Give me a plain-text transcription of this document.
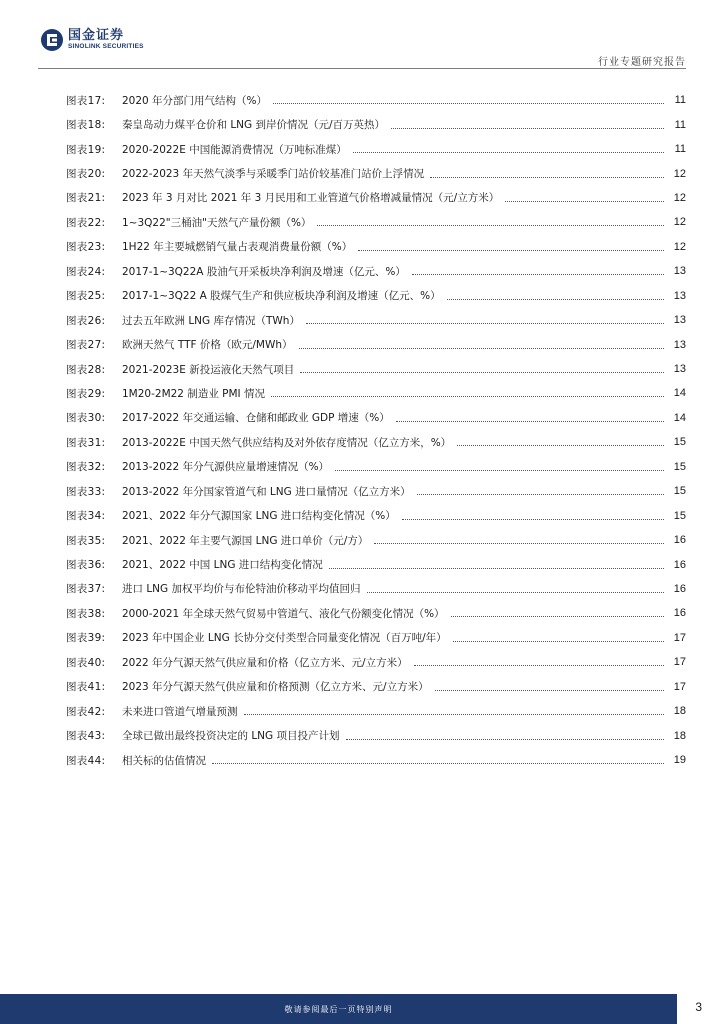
国金证券
SINOLINK SECURITIES
行业专题研究报告
图表17:	2020 年分部门用气结构（%）	11
图表18:	秦皇岛动力煤平仓价和 LNG 到岸价情况（元/百万英热）	11
图表19:	2020-2022E 中国能源消费情况（万吨标准煤）	11
图表20:	2022-2023 年天然气淡季与采暖季门站价较基准门站价上浮情况	12
图表21:	2023 年 3 月对比 2021 年 3 月民用和工业管道气价格增减量情况（元/立方米）	12
图表22:	1~3Q22"三桶油"天然气产量份额（%）	12
图表23:	1H22 年主要城燃销气量占表观消费量份额（%）	12
图表24:	2017-1~3Q22A 股油气开采板块净利润及增速（亿元、%）	13
图表25:	2017-1~3Q22 A 股煤气生产和供应板块净利润及增速（亿元、%）	13
图表26:	过去五年欧洲 LNG 库存情况（TWh）	13
图表27:	欧洲天然气 TTF 价格（欧元/MWh）	13
图表28:	2021-2023E 新投运液化天然气项目	13
图表29:	1M20-2M22 制造业 PMI 情况	14
图表30:	2017-2022 年交通运输、仓储和邮政业 GDP 增速（%）	14
图表31:	2013-2022E 中国天然气供应结构及对外依存度情况（亿立方米，%）	15
图表32:	2013-2022 年分气源供应量增速情况（%）	15
图表33:	2013-2022 年分国家管道气和 LNG 进口量情况（亿立方米）	15
图表34:	2021、2022 年分气源国家 LNG 进口结构变化情况（%）	15
图表35:	2021、2022 年主要气源国 LNG 进口单价（元/方）	16
图表36:	2021、2022 中国 LNG 进口结构变化情况	16
图表37:	进口 LNG 加权平均价与布伦特油价移动平均值回归	16
图表38:	2000-2021 年全球天然气贸易中管道气、液化气份额变化情况（%）	16
图表39:	2023 年中国企业 LNG 长协分交付类型合同量变化情况（百万吨/年）	17
图表40:	2022 年分气源天然气供应量和价格（亿立方米、元/立方米）	17
图表41:	2023 年分气源天然气供应量和价格预测（亿立方米、元/立方米）	17
图表42:	未来进口管道气增量预测	18
图表43:	全球已做出最终投资决定的 LNG 项目投产计划	18
图表44:	相关标的估值情况	19
敬请参阅最后一页特别声明	3
